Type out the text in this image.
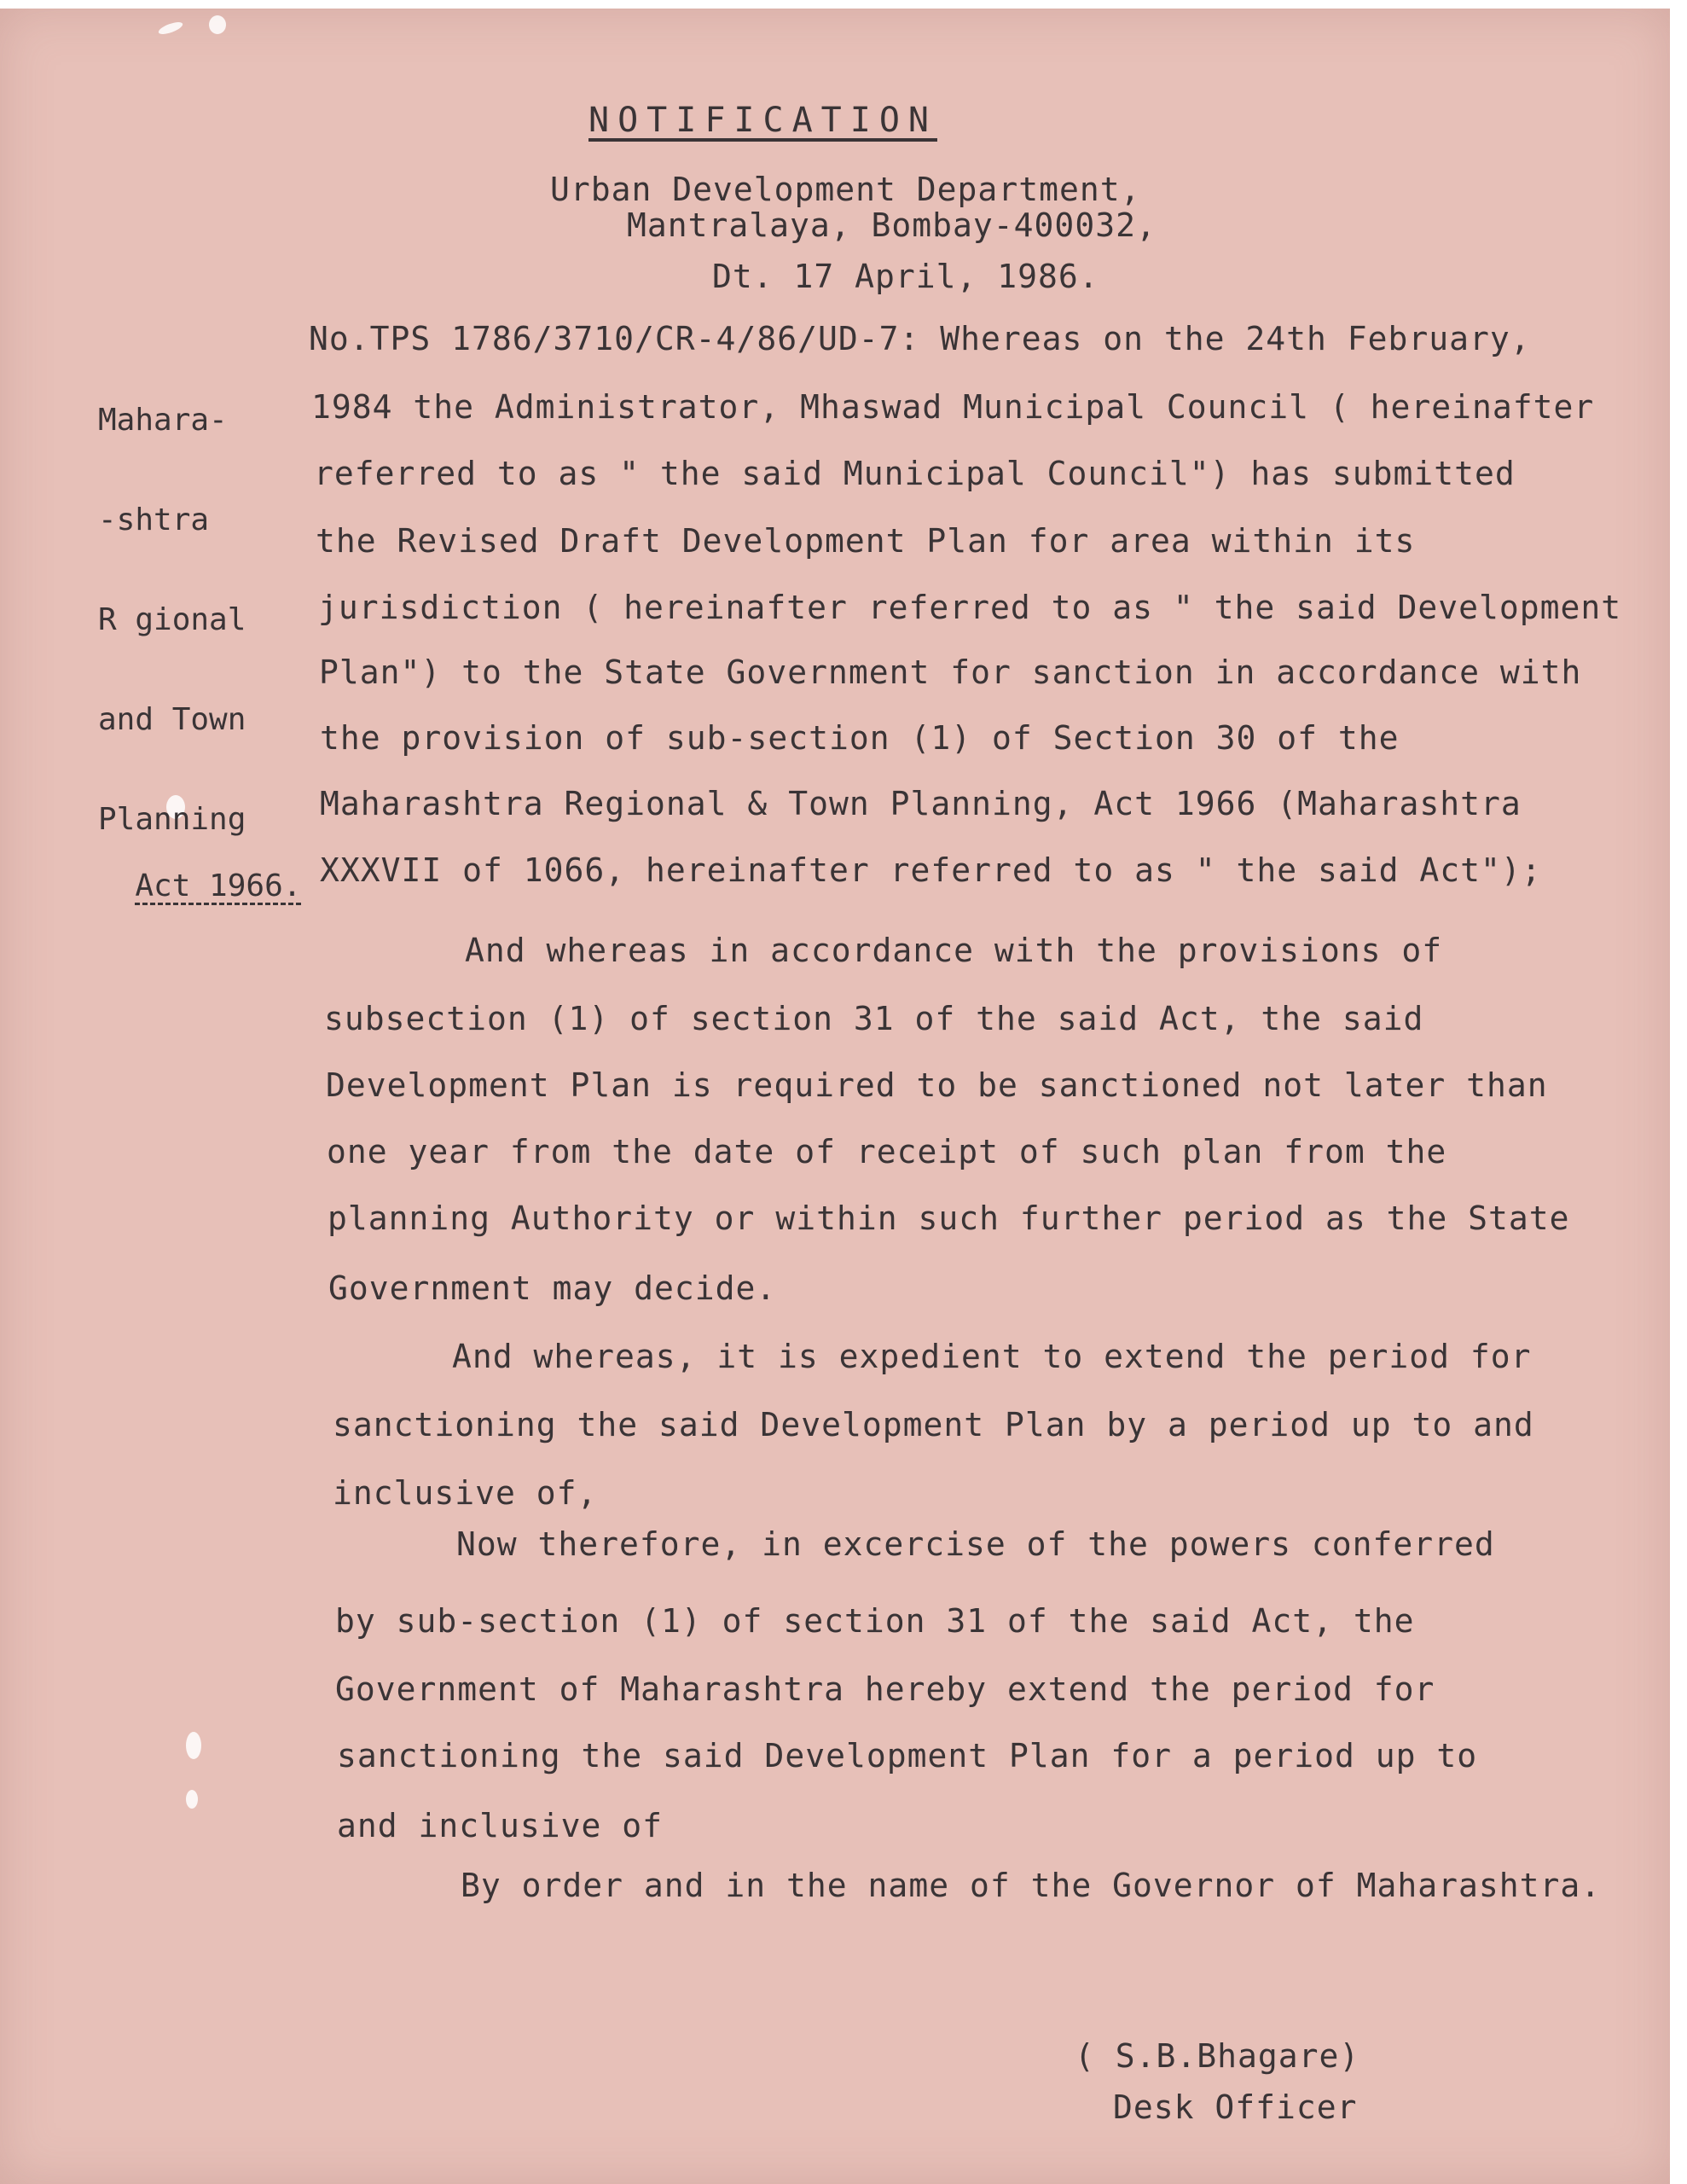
NOTIFICATION
Urban Development Department,
Mantralaya, Bombay-400032,
Dt. 17 April, 1986.

Mahara-

-shtra

R gional

and Town

Planning

Act 1966.

No.TPS 1786/3710/CR-4/86/UD-7: Whereas on the 24th February,
1984 the Administrator, Mhaswad Municipal Council ( hereinafter
referred to as " the said Municipal Council") has submitted
the Revised Draft Development Plan for area within its
jurisdiction ( hereinafter referred to as " the said Development
Plan") to the State Government for sanction in accordance with
the provision of sub-section (1) of Section 30 of the
Maharashtra Regional & Town Planning, Act 1966 (Maharashtra
XXXVII of 1066, hereinafter referred to as " the said Act");
And whereas in accordance with the provisions of
subsection (1) of section 31 of the said Act, the said
Development Plan is required to be sanctioned not later than
one year from the date of receipt of such plan from the
planning Authority or within such further period as the State
Government may decide.
And whereas, it is expedient to extend the period for
sanctioning the said Development Plan by a period up to and
inclusive of,
Now therefore, in excercise of the powers conferred
by sub-section (1) of section 31 of the said Act, the
Government of Maharashtra hereby extend the period for
sanctioning the said Development Plan for a period up to
and inclusive of
By order and in the name of the Governor of Maharashtra.
( S.B.Bhagare)
Desk Officer
